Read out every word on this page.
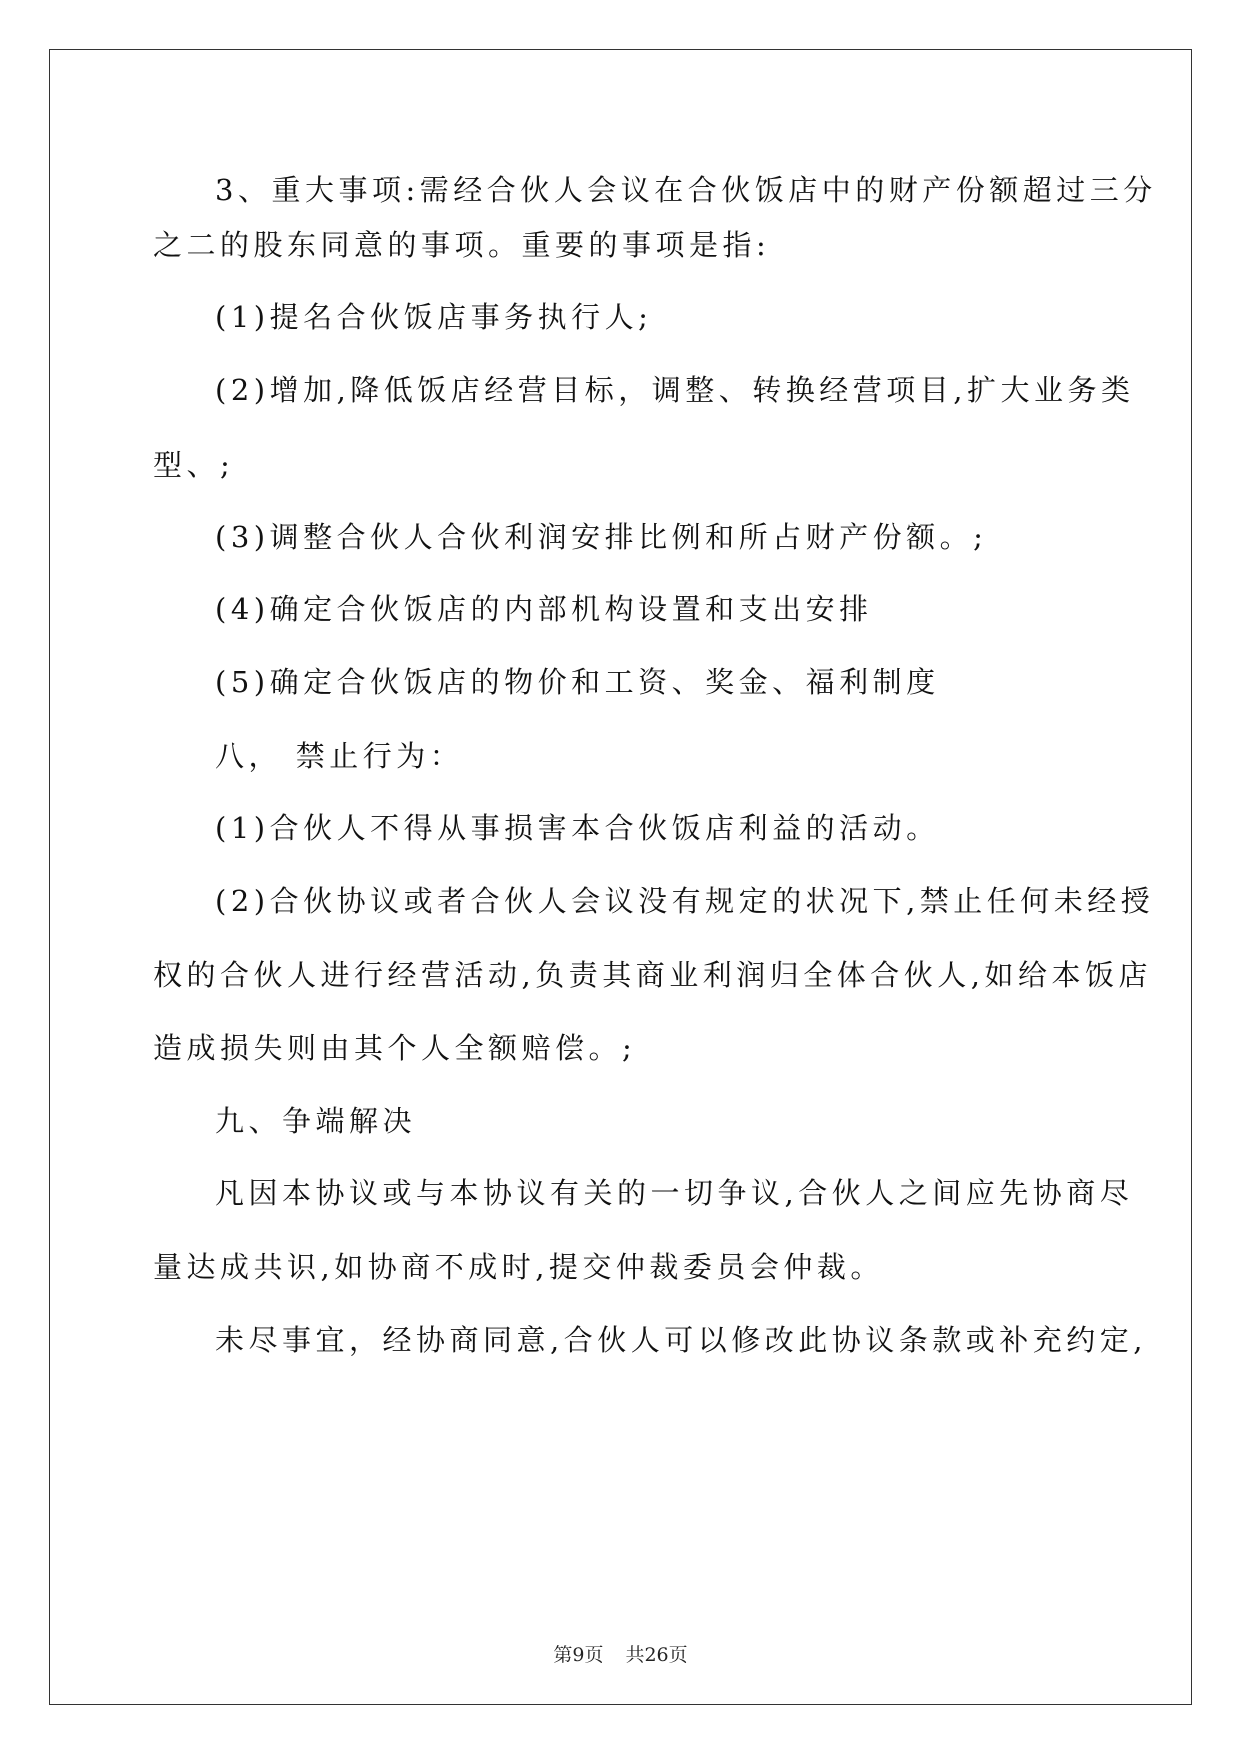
3、重大事项:需经合伙人会议在合伙饭店中的财产份额超过三分
之二的股东同意的事项。重要的事项是指:
(1)提名合伙饭店事务执行人;
(2)增加,降低饭店经营目标，调整、转换经营项目,扩大业务类
型、;
(3)调整合伙人合伙利润安排比例和所占财产份额。;
(4)确定合伙饭店的内部机构设置和支出安排
(5)确定合伙饭店的物价和工资、奖金、福利制度
八， 禁止行为：
(1)合伙人不得从事损害本合伙饭店利益的活动。
(2)合伙协议或者合伙人会议没有规定的状况下,禁止任何未经授
权的合伙人进行经营活动,负责其商业利润归全体合伙人,如给本饭店
造成损失则由其个人全额赔偿。;
九、争端解决
凡因本协议或与本协议有关的一切争议,合伙人之间应先协商尽
量达成共识,如协商不成时,提交仲裁委员会仲裁。
未尽事宜，经协商同意,合伙人可以修改此协议条款或补充约定,
第9页 共26页
